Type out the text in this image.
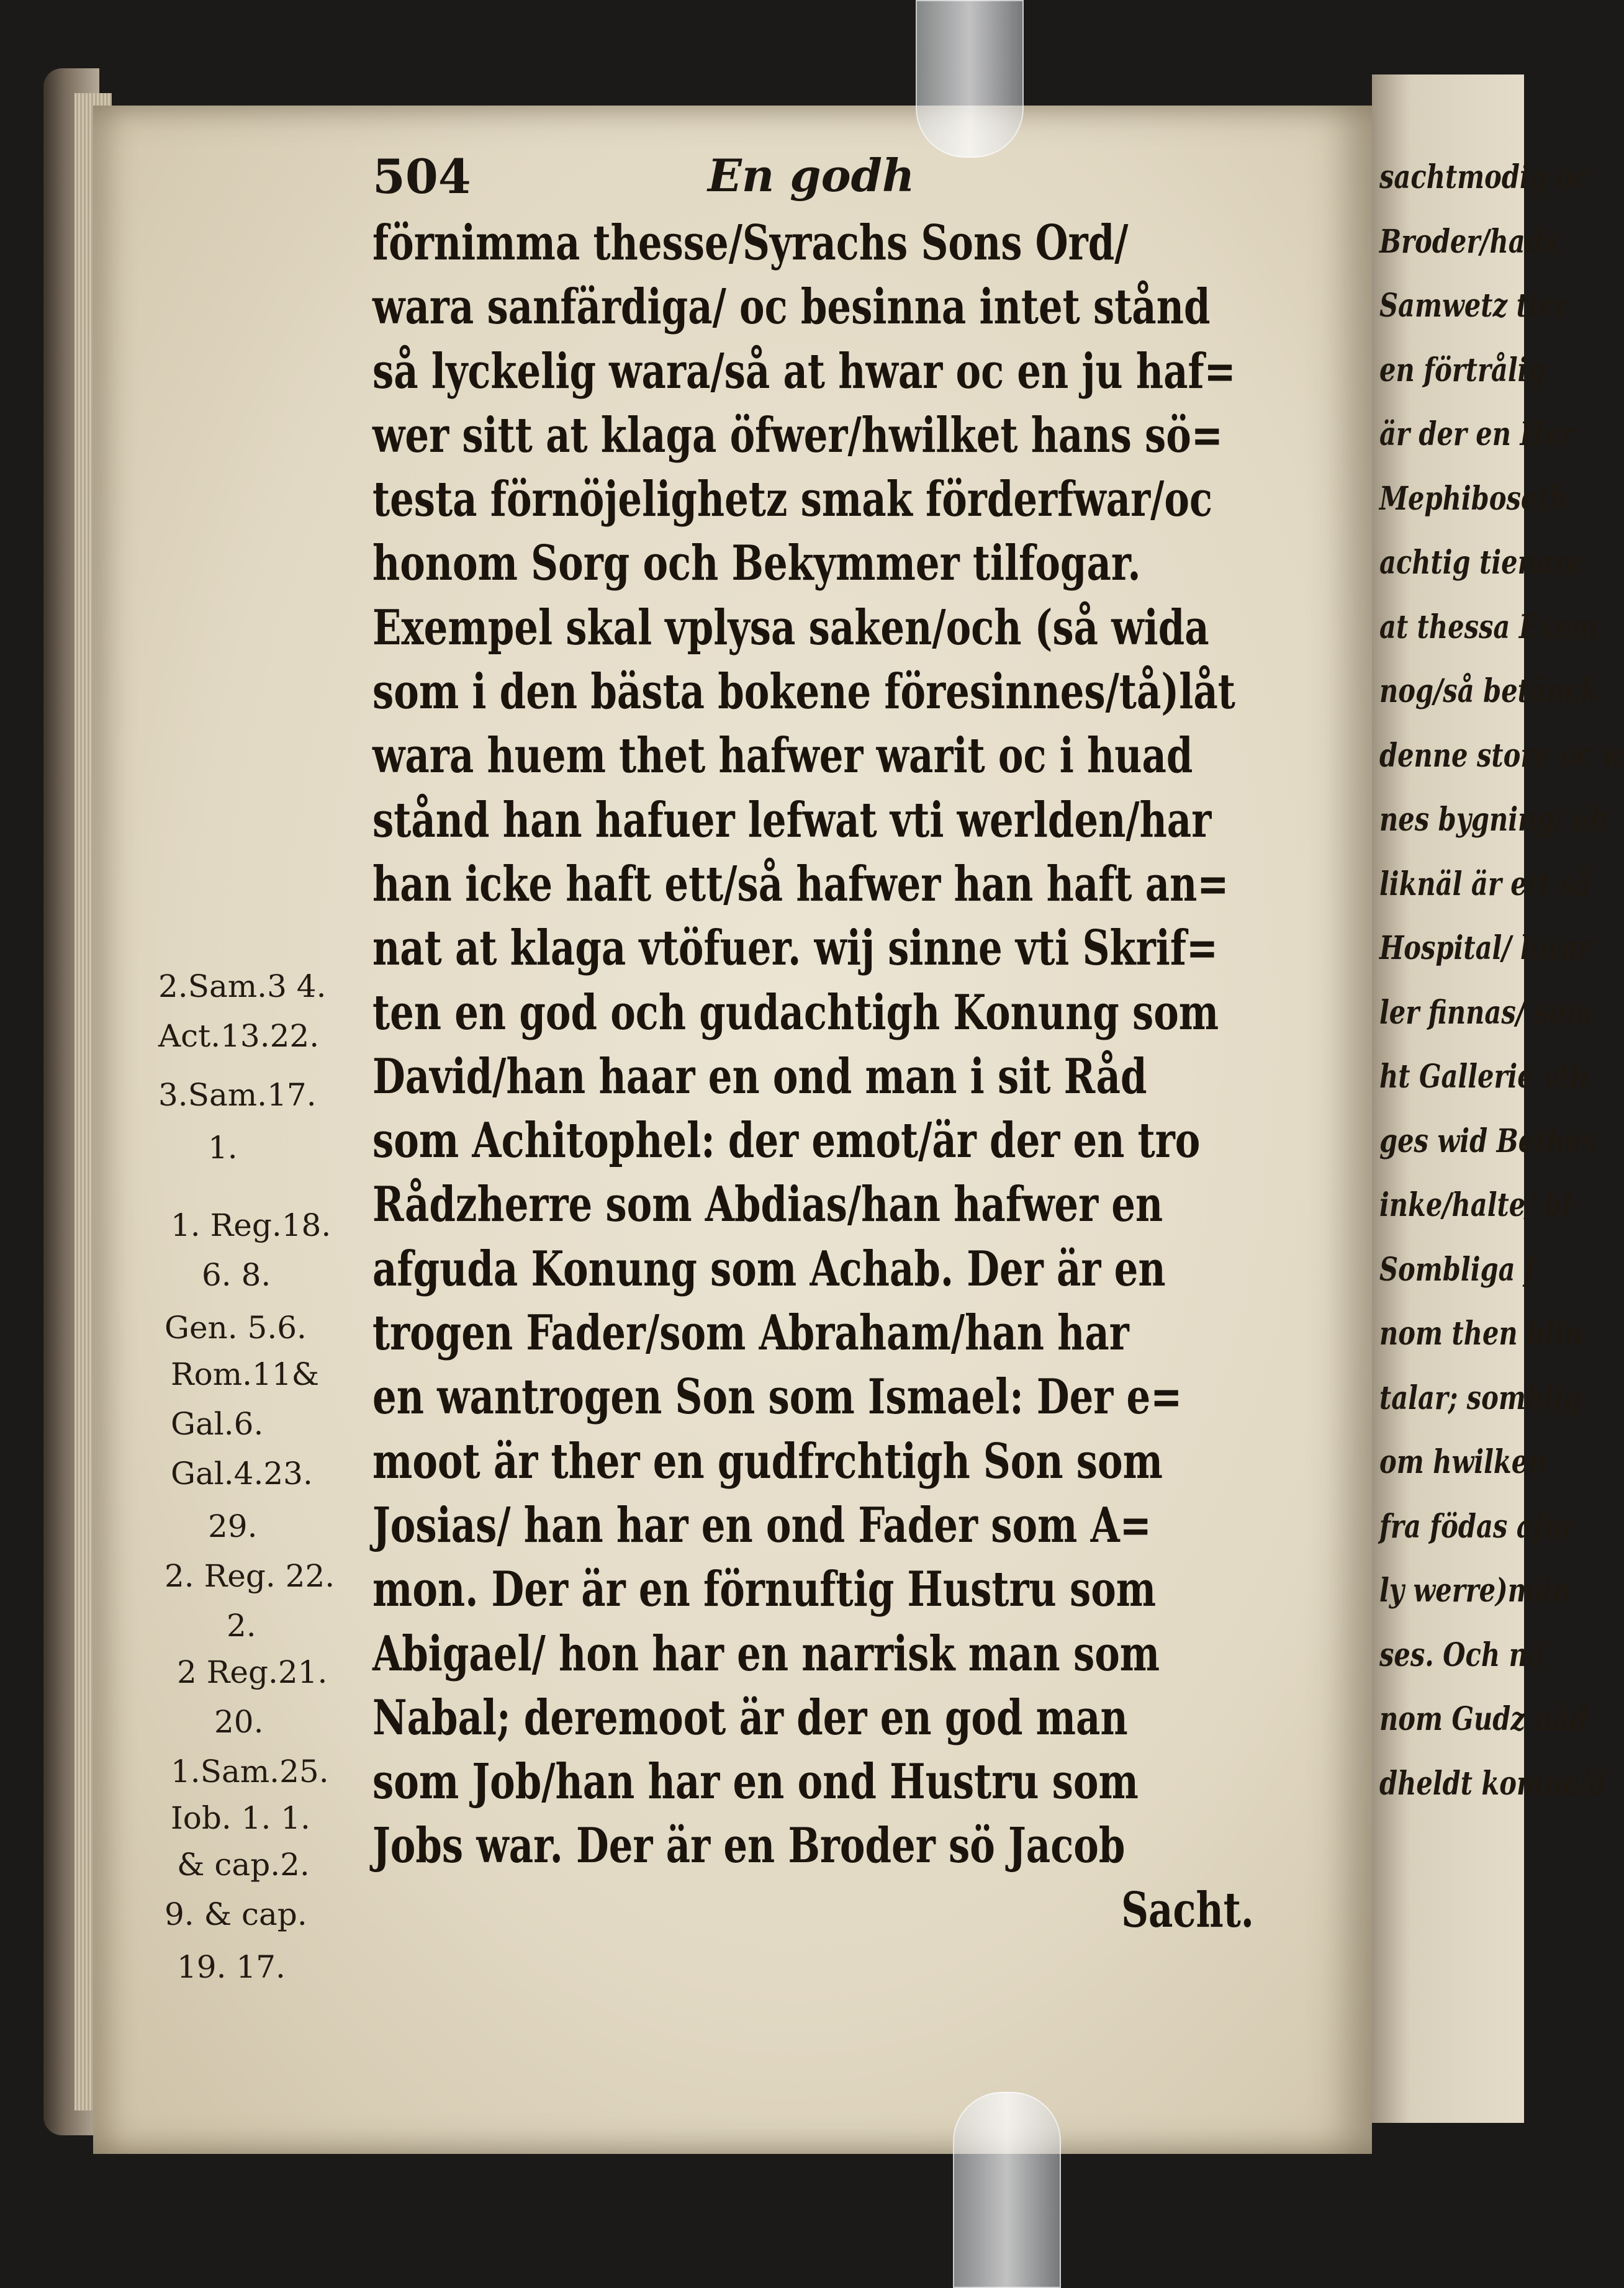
sachtmodig oc
Broder/hads
Samwetz tier
en förtrålig
är der en Her
Mephiboseth
achtig tienare
at thessa Exem
nog/så betänck
denne store oc w
nes bygning/ eh
liknäl är ett så
Hospital/ hwar
ler finnas/ som
ht Gallerie vth
ges wid Bethes
inke/halte/ bl
Sombliga f
nom then blin
talar; somblig
om hwilken
fra födas afor
ly werre)män
ses. Och nä
nom Gudz nåd
dheldt komne/ä
504	En godh
förnimma thesse/Syrachs Sons Ord/
wara sanfärdiga/ oc besinna intet stånd
så lyckelig wara/så at hwar oc en ju haf=
wer sitt at klaga öfwer/hwilket hans sö=
testa förnöjelighetz smak förderfwar/oc
honom Sorg och Bekymmer tilfogar.
Exempel skal vplysa saken/och (så wida
som i den bästa bokene föresinnes/tå)låt
wara huem thet hafwer warit oc i huad
stånd han hafuer lefwat vti werlden/har
han icke haft ett/så hafwer han haft an=
nat at klaga vtöfuer. wij sinne vti Skrif=
ten en god och gudachtigh Konung som
David/han haar en ond man i sit Råd
som Achitophel: der emot/är der en tro
Rådzherre som Abdias/han hafwer en
afguda Konung som Achab. Der är en
trogen Fader/som Abraham/han har
en wantrogen Son som Ismael: Der e=
moot är ther en gudfrchtigh Son som
Josias/ han har en ond Fader som A=
mon. Der är en förnuftig Hustru som
Abigael/ hon har en narrisk man som
Nabal; deremoot är der en god man
som Job/han har en ond Hustru som
Jobs war. Der är en Broder sö Jacob
Sacht.
2.Sam.3 4.
Act.13.22.
3.Sam.17.
1.
1. Reg.18.
6. 8.
Gen. 5.6.
Rom.11&
Gal.6.
Gal.4.23.
29.
2. Reg. 22.
2.
2 Reg.21.
20.
1.Sam.25.
Iob. 1. 1.
& cap.2.
9. & cap.
19. 17.
